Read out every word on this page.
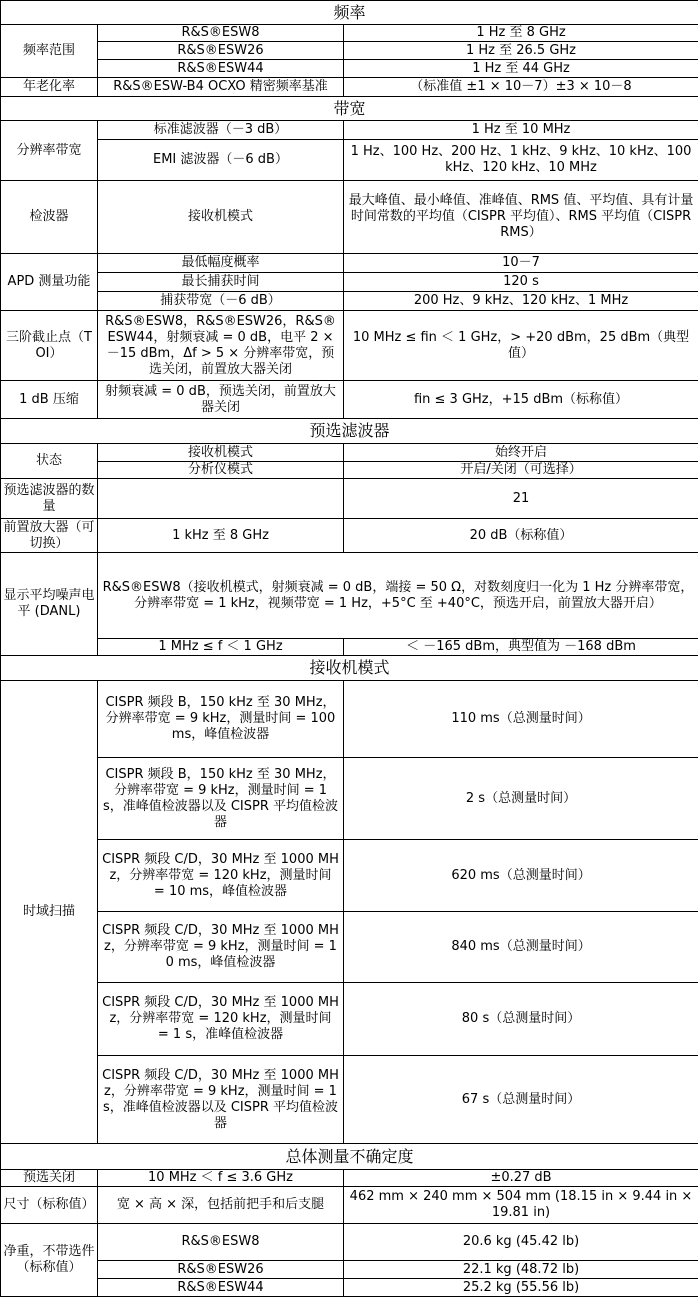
频率		
频率范围	R&S®ESW8	1 Hz 至 8 GHz
	R&S®ESW26	1 Hz 至 26.5 GHz
	R&S®ESW44	1 Hz 至 44 GHz
年老化率	R&S®ESW-B4 OCXO 精密频率基准	（标准值 ±1 × 10－7）±3 × 10－8
带宽		
分辨率带宽	标准滤波器（－3 dB）	1 Hz 至 10 MHz
	EMI 滤波器（－6 dB）	1 Hz、100 Hz、200 Hz、1 kHz、9 kHz、10 kHz、100 kHz、120 kHz、10 MHz
检波器	接收机模式	最大峰值、最小峰值、准峰值、RMS 值、平均值、具有计量时间常数的平均值（CISPR 平均值）、RMS 平均值（CISPR RMS）
APD 测量功能	最低幅度概率	10－7
	最长捕获时间	120 s
	捕获带宽（－6 dB）	200 Hz、9 kHz、120 kHz、1 MHz
三阶截止点（TOI）	R&S®ESW8，R&S®ESW26，R&S®ESW44，射频衰减 = 0 dB，电平 2 × －15 dBm，Δf > 5 × 分辨率带宽，预选关闭，前置放大器关闭	10 MHz ≤ fin ＜ 1 GHz，> +20 dBm，25 dBm（典型值）
1 dB 压缩	射频衰减 = 0 dB，预选关闭，前置放大器关闭	fin ≤ 3 GHz，+15 dBm（标称值）
预选滤波器		
状态	接收机模式	始终开启
	分析仪模式	开启/关闭（可选择）
预选滤波器的数量		21
前置放大器（可切换）	1 kHz 至 8 GHz	20 dB（标称值）
显示平均噪声电平 (DANL)	R&S®ESW8（接收机模式，射频衰减 = 0 dB，端接 = 50 Ω，对数刻度归一化为 1 Hz 分辨率带宽，分辨率带宽 = 1 kHz，视频带宽 = 1 Hz，+5°C 至 +40°C，预选开启，前置放大器开启）	
	1 MHz ≤ f ＜ 1 GHz	＜ －165 dBm，典型值为 －168 dBm
接收机模式		
时域扫描	CISPR 频段 B，150 kHz 至 30 MHz，分辨率带宽 = 9 kHz，测量时间 = 100 ms，峰值检波器	110 ms（总测量时间）
	CISPR 频段 B，150 kHz 至 30 MHz，分辨率带宽 = 9 kHz，测量时间 = 1 s，准峰值检波器以及 CISPR 平均值检波器	2 s（总测量时间）
	CISPR 频段 C/D，30 MHz 至 1000 MHz，分辨率带宽 = 120 kHz，测量时间 = 10 ms，峰值检波器	620 ms（总测量时间）
	CISPR 频段 C/D，30 MHz 至 1000 MHz，分辨率带宽 = 9 kHz，测量时间 = 10 ms，峰值检波器	840 ms（总测量时间）
	CISPR 频段 C/D，30 MHz 至 1000 MHz，分辨率带宽 = 120 kHz，测量时间 = 1 s，准峰值检波器	80 s（总测量时间）
	CISPR 频段 C/D，30 MHz 至 1000 MHz，分辨率带宽 = 9 kHz，测量时间 = 1 s，准峰值检波器以及 CISPR 平均值检波器	67 s（总测量时间）
总体测量不确定度		
预选关闭	10 MHz ＜ f ≤ 3.6 GHz	±0.27 dB
尺寸（标称值）	宽 × 高 × 深，包括前把手和后支腿	462 mm × 240 mm × 504 mm (18.15 in × 9.44 in × 19.81 in)
净重，不带选件（标称值）	R&S®ESW8	20.6 kg (45.42 lb)
	R&S®ESW26	22.1 kg (48.72 lb)
	R&S®ESW44	25.2 kg (55.56 lb)
